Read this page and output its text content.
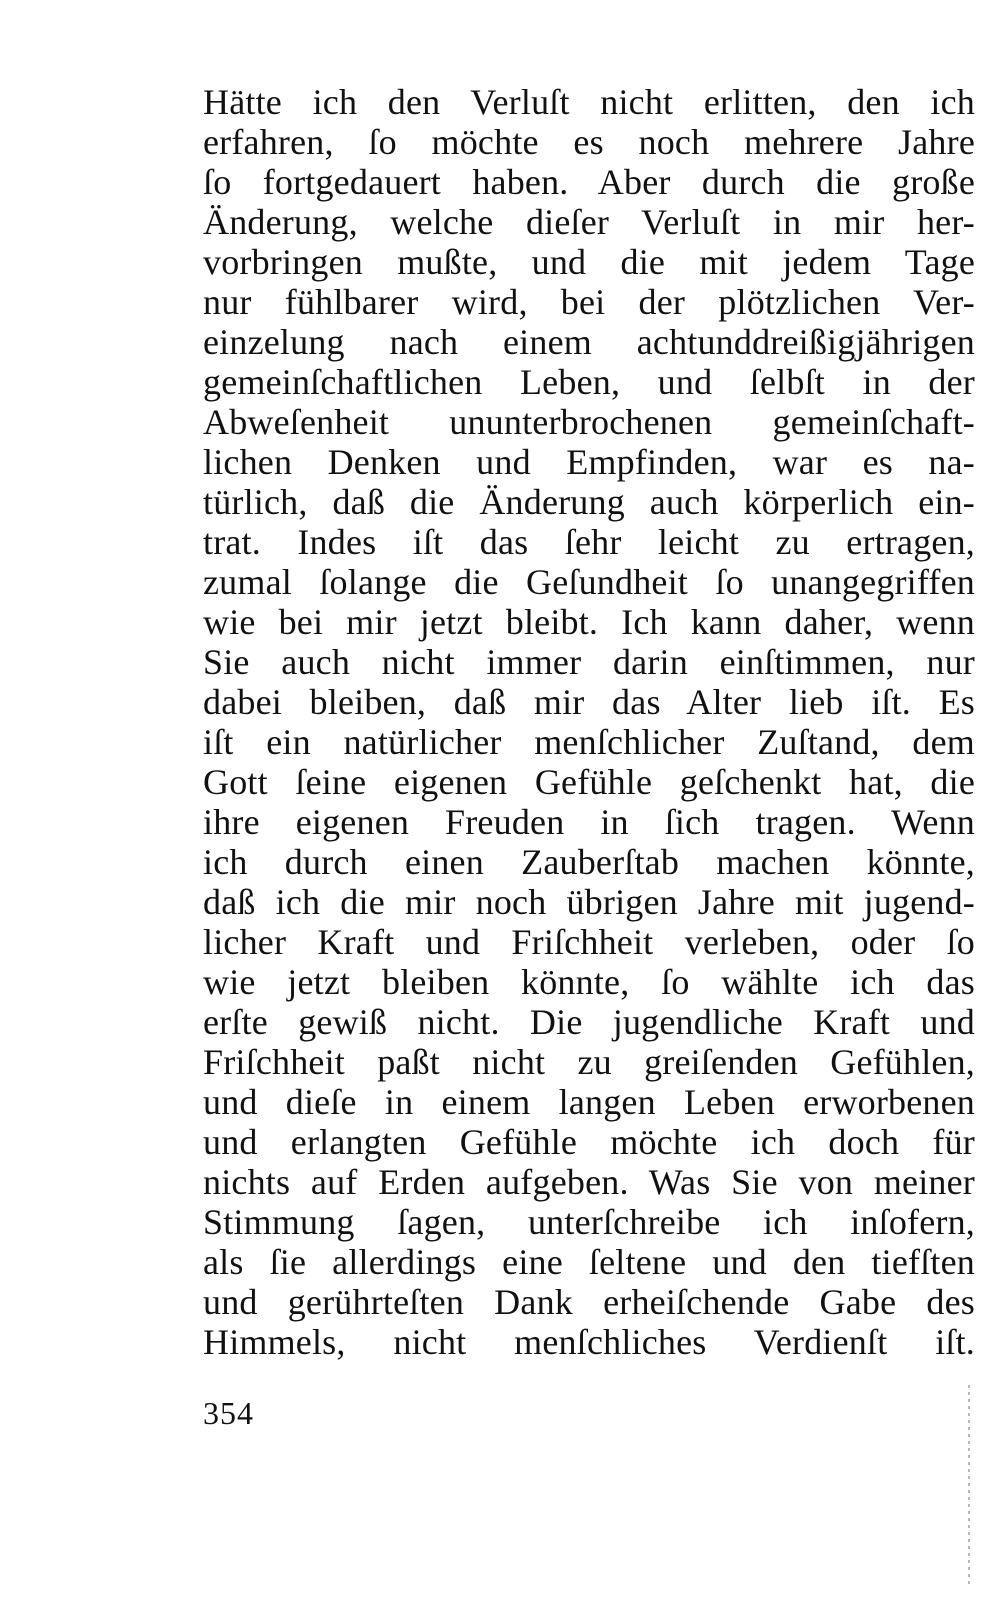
Hätte ich den Verluſt nicht erlitten, den ich
erfahren, ſo möchte es noch mehrere Jahre
ſo fortgedauert haben. Aber durch die große
Änderung, welche dieſer Verluſt in mir her-
vorbringen mußte, und die mit jedem Tage
nur fühlbarer wird, bei der plötzlichen Ver-
einzelung nach einem achtunddreißigjährigen
gemeinſchaftlichen Leben, und ſelbſt in der
Abweſenheit ununterbrochenen gemeinſchaft-
lichen Denken und Empfinden, war es na-
türlich, daß die Änderung auch körperlich ein-
trat. Indes iſt das ſehr leicht zu ertragen,
zumal ſolange die Geſundheit ſo unangegriffen
wie bei mir jetzt bleibt. Ich kann daher, wenn
Sie auch nicht immer darin einſtimmen, nur
dabei bleiben, daß mir das Alter lieb iſt. Es
iſt ein natürlicher menſchlicher Zuſtand, dem
Gott ſeine eigenen Gefühle geſchenkt hat, die
ihre eigenen Freuden in ſich tragen. Wenn
ich durch einen Zauberſtab machen könnte,
daß ich die mir noch übrigen Jahre mit jugend-
licher Kraft und Friſchheit verleben, oder ſo
wie jetzt bleiben könnte, ſo wählte ich das
erſte gewiß nicht. Die jugendliche Kraft und
Friſchheit paßt nicht zu greiſenden Gefühlen,
und dieſe in einem langen Leben erworbenen
und erlangten Gefühle möchte ich doch für
nichts auf Erden aufgeben. Was Sie von meiner
Stimmung ſagen, unterſchreibe ich inſofern,
als ſie allerdings eine ſeltene und den tiefſten
und gerührteſten Dank erheiſchende Gabe des
Himmels, nicht menſchliches Verdienſt iſt.
354
